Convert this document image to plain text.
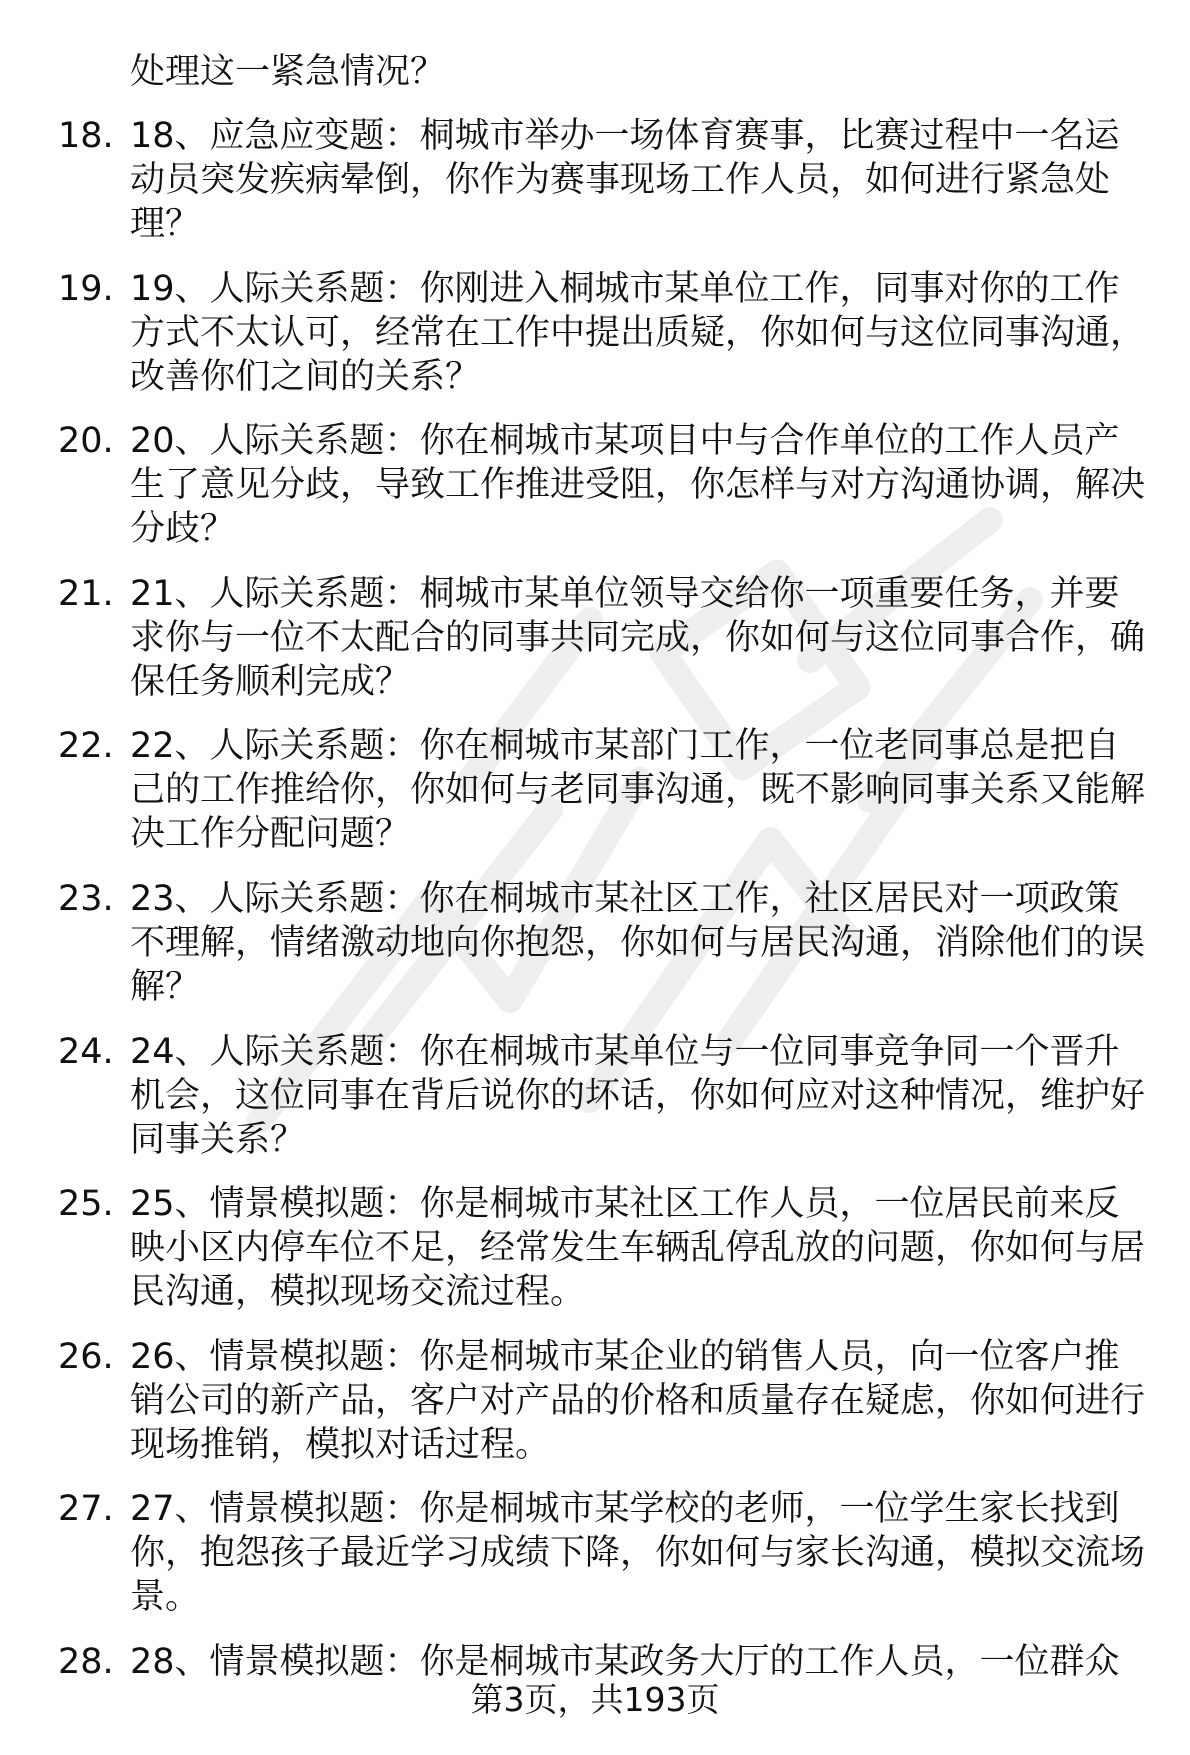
处理这一紧急情况？

18. 18、应急应变题：桐城市举办一场体育赛事，比赛过程中一名运动员突发疾病晕倒，你作为赛事现场工作人员，如何进行紧急处理？
19. 19、人际关系题：你刚进入桐城市某单位工作，同事对你的工作方式不太认可，经常在工作中提出质疑，你如何与这位同事沟通，改善你们之间的关系？
20. 20、人际关系题：你在桐城市某项目中与合作单位的工作人员产生了意见分歧，导致工作推进受阻，你怎样与对方沟通协调，解决分歧？
21. 21、人际关系题：桐城市某单位领导交给你一项重要任务，并要求你与一位不太配合的同事共同完成，你如何与这位同事合作，确保任务顺利完成？
22. 22、人际关系题：你在桐城市某部门工作，一位老同事总是把自己的工作推给你，你如何与老同事沟通，既不影响同事关系又能解决工作分配问题？
23. 23、人际关系题：你在桐城市某社区工作，社区居民对一项政策不理解，情绪激动地向你抱怨，你如何与居民沟通，消除他们的误解？
24. 24、人际关系题：你在桐城市某单位与一位同事竞争同一个晋升机会，这位同事在背后说你的坏话，你如何应对这种情况，维护好同事关系？
25. 25、情景模拟题：你是桐城市某社区工作人员，一位居民前来反映小区内停车位不足，经常发生车辆乱停乱放的问题，你如何与居民沟通，模拟现场交流过程。
26. 26、情景模拟题：你是桐城市某企业的销售人员，向一位客户推销公司的新产品，客户对产品的价格和质量存在疑虑，你如何进行现场推销，模拟对话过程。
27. 27、情景模拟题：你是桐城市某学校的老师，一位学生家长找到你，抱怨孩子最近学习成绩下降，你如何与家长沟通，模拟交流场景。
28. 28、情景模拟题：你是桐城市某政务大厅的工作人员，一位群众
第3页，共193页
